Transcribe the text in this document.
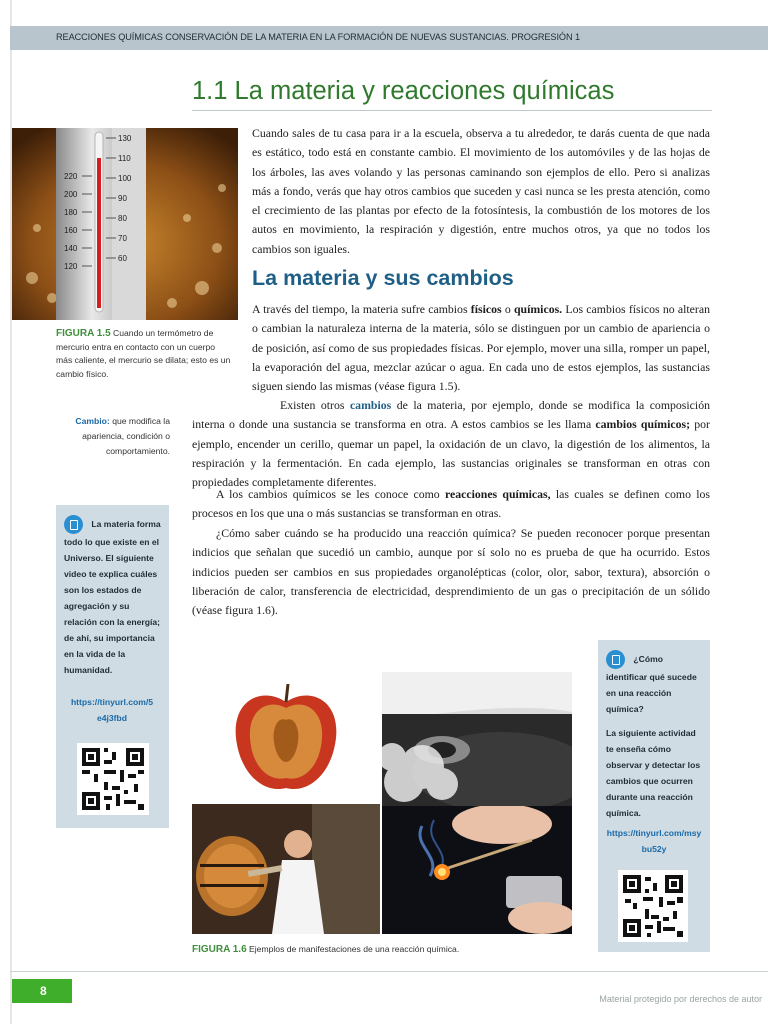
REACCIONES QUÍMICAS CONSERVACIÓN DE LA MATERIA EN LA FORMACIÓN DE NUEVAS SUSTANCIAS. PROGRESIÓN 1
1.1 La materia y reacciones químicas
220
200
180
160
140
120
130
110
100
90
80
70
60
FIGURA 1.5 Cuando un termómetro de mercurio entra en contacto con un cuerpo más caliente, el mercurio se dilata; esto es un cambio físico.
Cambio: que modifica la apariencia, condición o comportamiento.
La materia forma todo lo que existe en el Universo. El siguiente video te explica cuáles son los estados de agregación y su relación con la energía; de ahí, su importancia en la vida de la humanidad.
https://tinyurl.com/5e4j3fbd
Cuando sales de tu casa para ir a la escuela, observa a tu alrededor, te darás cuenta de que nada es estático, todo está en constante cambio. El movimiento de los automóviles y de las hojas de los árboles, las aves volando y las personas caminando son ejemplos de ello. Pero si analizas más a fondo, verás que hay otros cambios que suceden y casi nunca se les presta atención, como el crecimiento de las plantas por efecto de la fotosíntesis, la combustión de los motores de los autos en movimiento, la respiración y digestión, entre muchos otros, ya que no todos los cambios son iguales.
La materia y sus cambios
A través del tiempo, la materia sufre cambios físicos o químicos. Los cambios físicos no alteran o cambian la naturaleza interna de la materia, sólo se distinguen por un cambio de apariencia o de posición, así como de sus propiedades físicas. Por ejemplo, mover una silla, romper un papel, la evaporación del agua, mezclar azúcar o agua. En cada uno de estos ejemplos, las sustancias siguen siendo las mismas (véase figura 1.5).
Existen otros cambios de la materia, por ejemplo, donde se modifica la composición interna o donde una sustancia se transforma en otra. A estos cambios se les llama cambios químicos; por ejemplo, encender un cerillo, quemar un papel, la oxidación de un clavo, la digestión de los alimentos, la respiración y la fermentación. En cada ejemplo, las sustancias originales se transforman en otras con propiedades completamente diferentes.
A los cambios químicos se les conoce como reacciones químicas, las cuales se definen como los procesos en los que una o más sustancias se transforman en otras.
¿Cómo saber cuándo se ha producido una reacción química? Se pueden reconocer porque presentan indicios que señalan que sucedió un cambio, aunque por sí solo no es prueba de que ha ocurrido. Estos indicios pueden ser cambios en sus propiedades organolépticas (color, olor, sabor, textura), absorción o liberación de calor, transferencia de electricidad, desprendimiento de un gas o precipitación de un sólido (véase figura 1.6).
FIGURA 1.6 Ejemplos de manifestaciones de una reacción química.
¿Cómo identificar qué sucede en una reacción química?
La siguiente actividad te enseña cómo observar y detectar los cambios que ocurren durante una reacción química.
https://tinyurl.com/msybu52y
8
Material protegido por derechos de autor
